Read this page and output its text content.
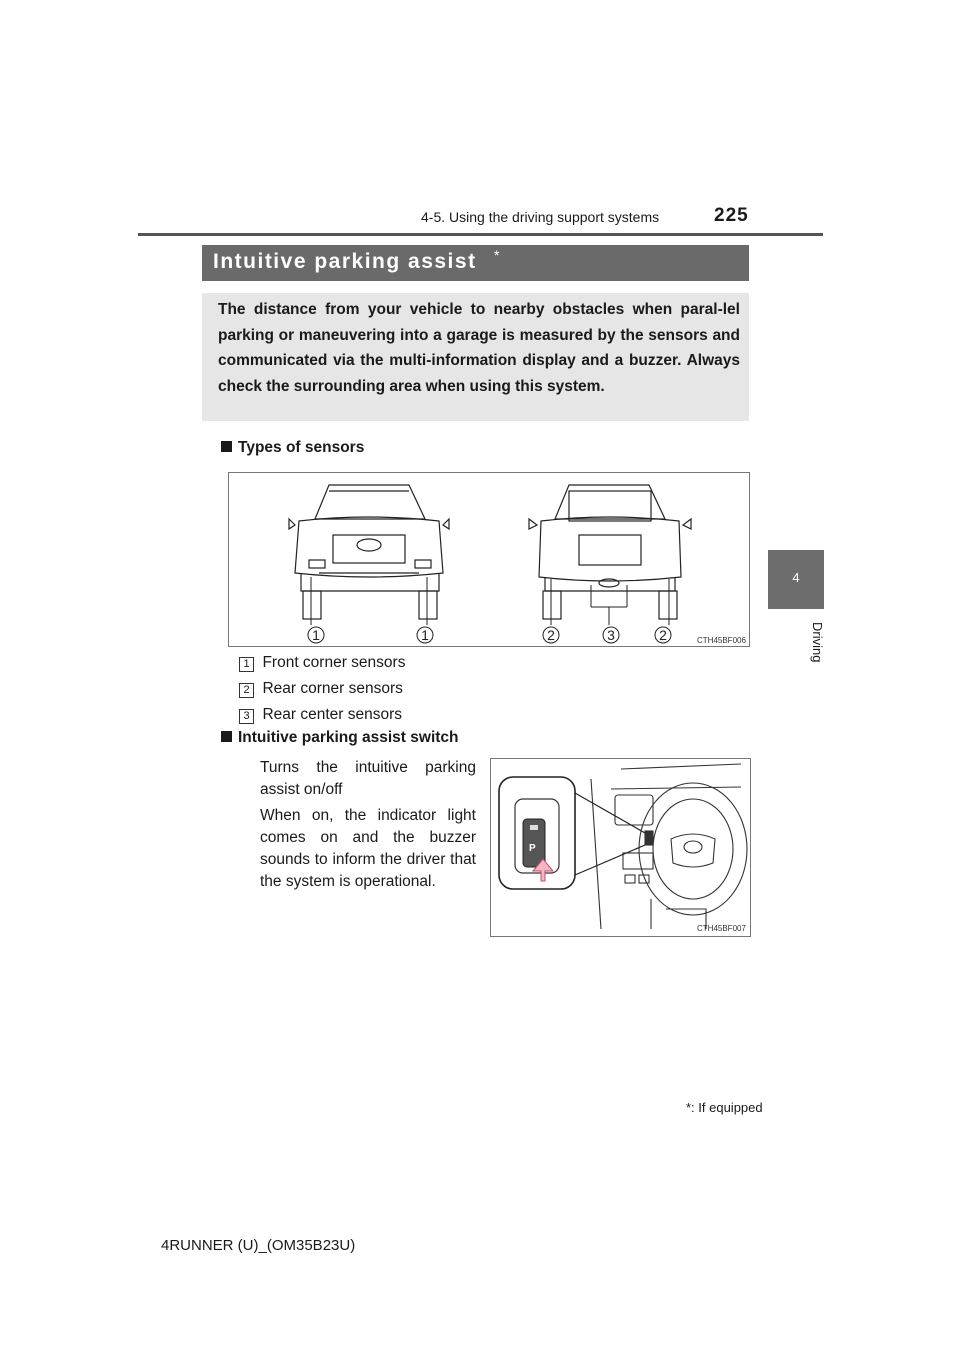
4-5. Using the driving support systems	225
4
Driving
Intuitive parking assist *
The distance from your vehicle to nearby obstacles when paral-lel parking or maneuvering into a garage is measured by the sensors and communicated via the multi-information display and a buzzer. Always check the surrounding area when using this system.
Types of sensors
1	1	2	3	2	CTH45BF006
1 Front corner sensors
2 Rear corner sensors
3 Rear center sensors
Intuitive parking assist switch
Turns the intuitive parking assist on/off
When on, the indicator light comes on and the buzzer sounds to inform the driver that the system is operational.
P
CTH45BF007
*: If equipped
4RUNNER (U)_(OM35B23U)
